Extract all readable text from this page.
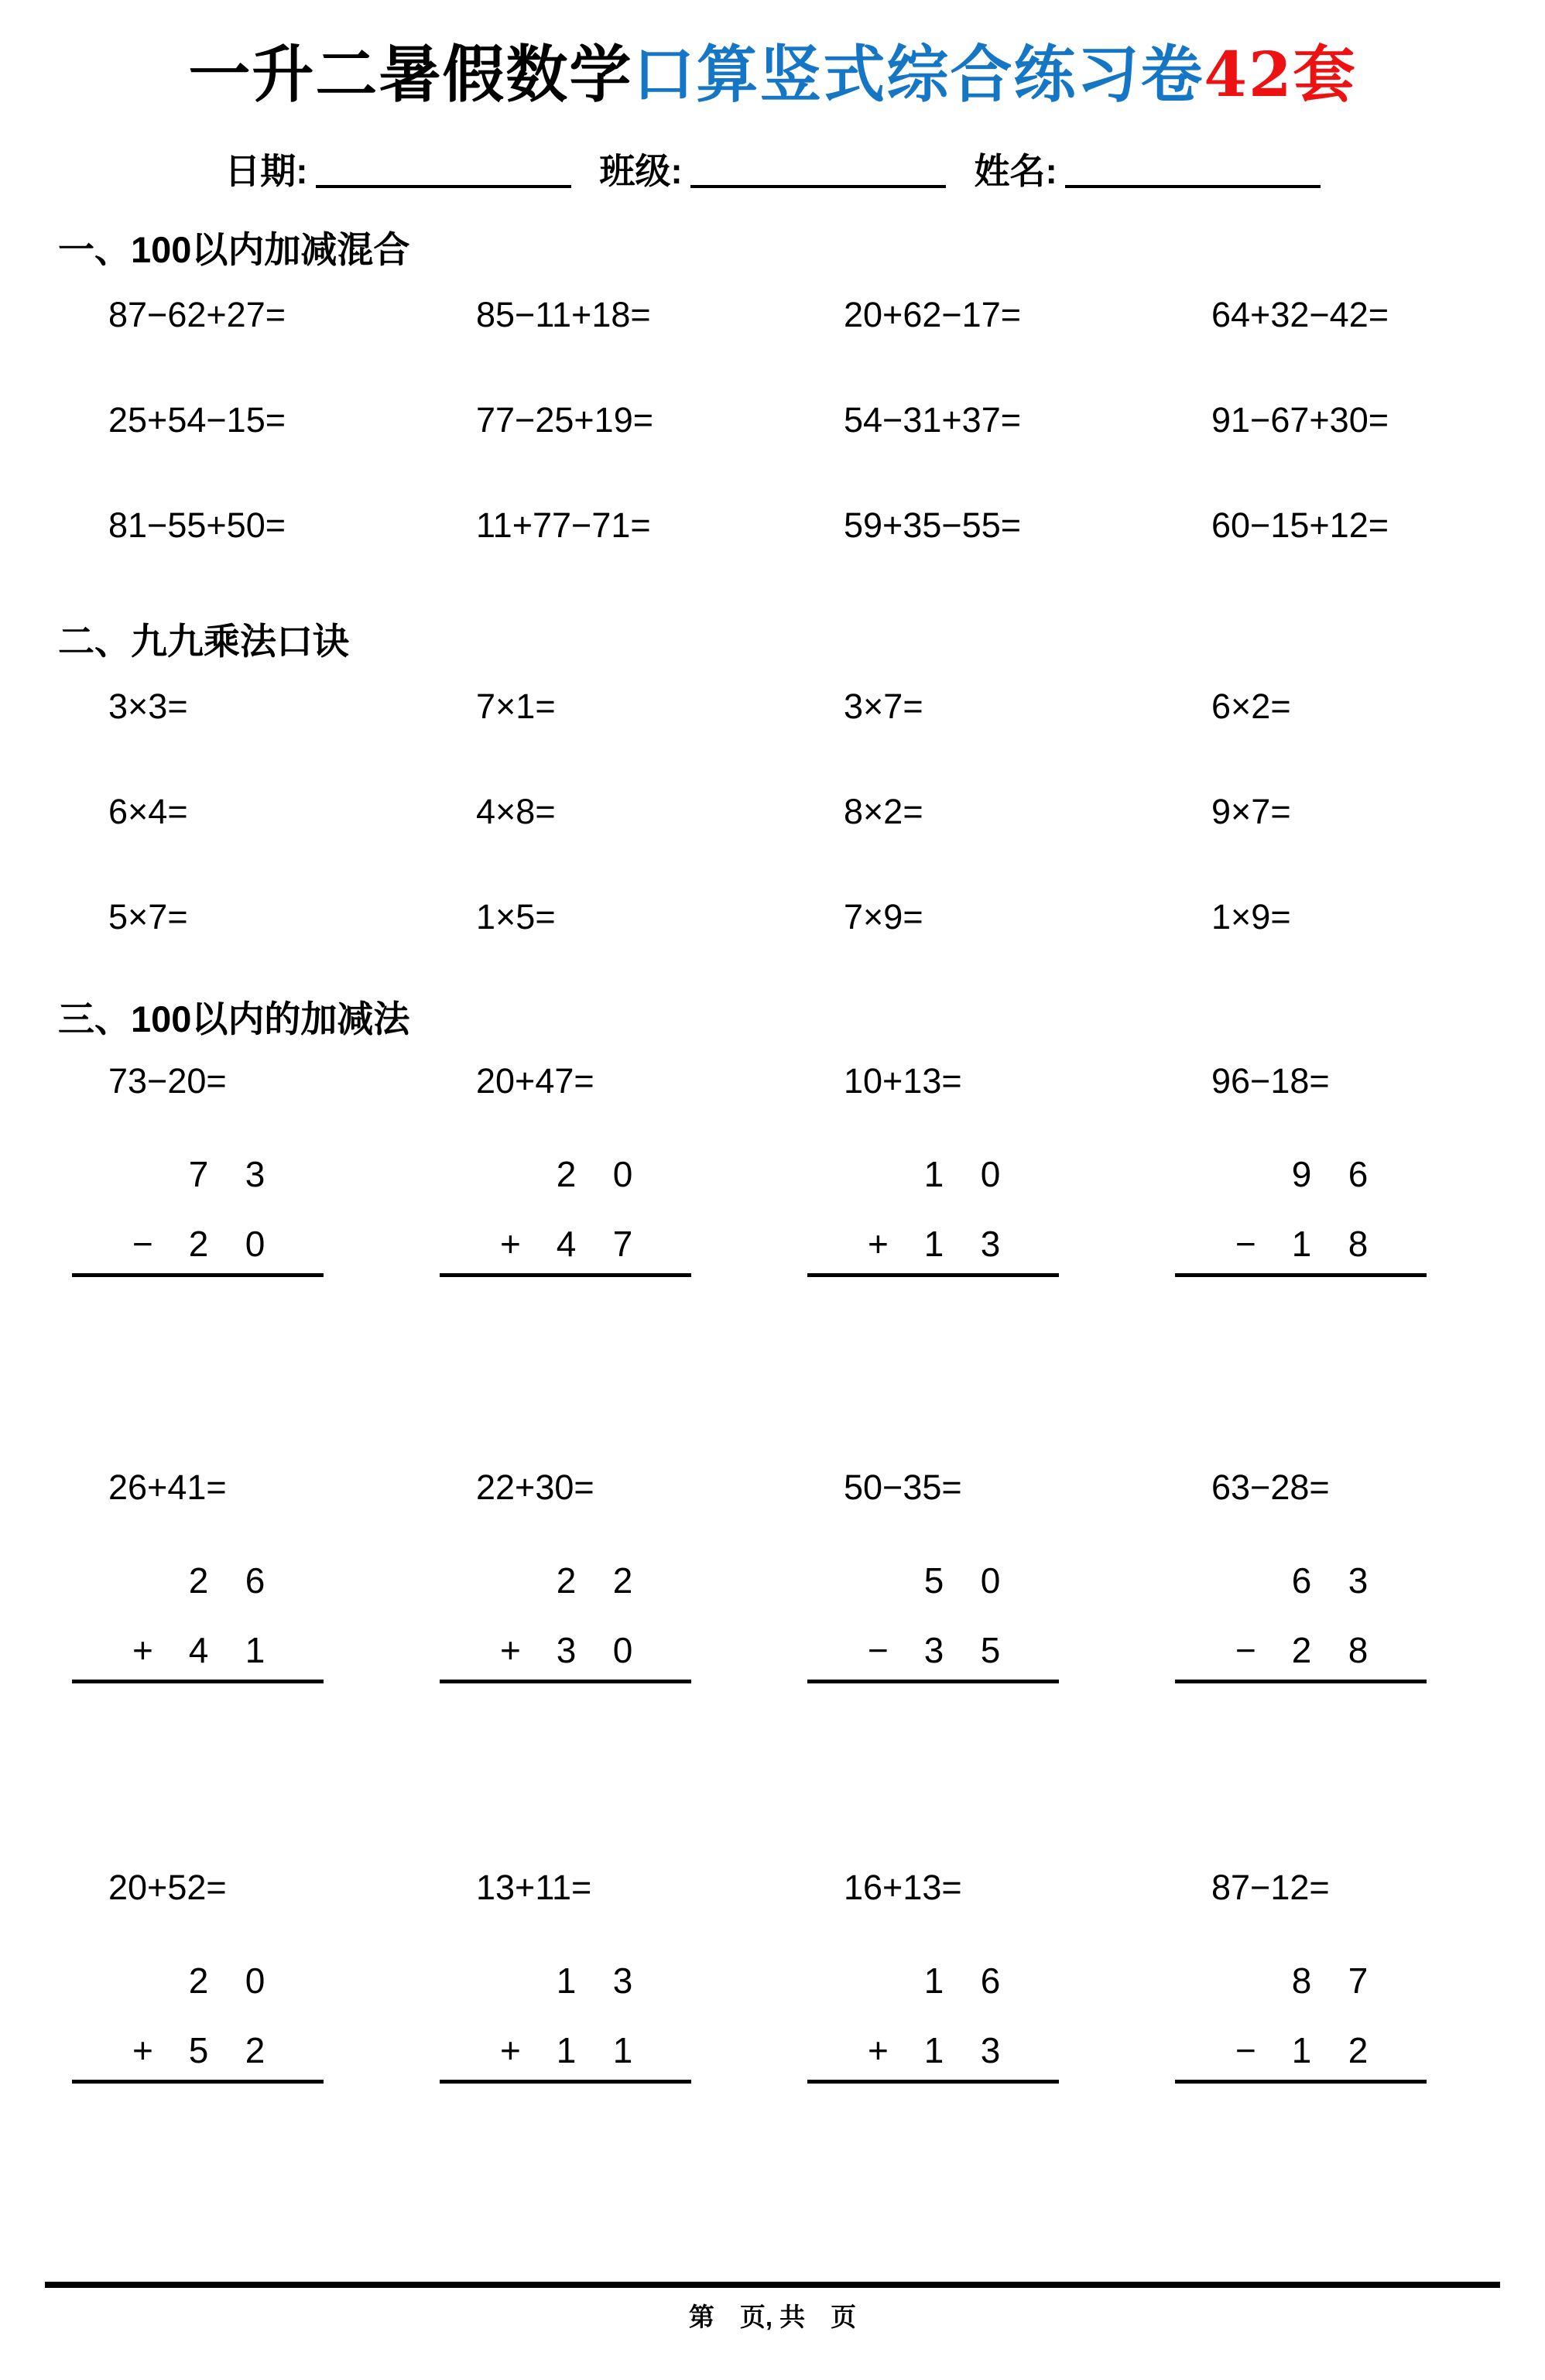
一升二暑假数学口算竖式综合练习卷42套
日期:	班级:	姓名:
一、100以内加减混合
87−62+27=	85−11+18=	20+62−17=	64+32−42=
25+54−15=	77−25+19=	54−31+37=	91−67+30=
81−55+50=	11+77−71=	59+35−55=	60−15+12=
二、九九乘法口诀
3×3=	7×1=	3×7=	6×2=
6×4=	4×8=	8×2=	9×7=
5×7=	1×5=	7×9=	1×9=
三、100以内的加减法
73−20=	20+47=	10+13=	96−18=
7	3
− 2	0
2	0
+ 4	7
1	0
+ 1	3
9	6
− 1	8
26+41=	22+30=	50−35=	63−28=
2	6
+ 4	1
2	2
+ 3	0
5	0
− 3	5
6	3
− 2	8
20+52=	13+11=	16+13=	87−12=
2	0
+ 5	2
1	3
+ 1	1
1	6
+ 1	3
8	7
− 1	2
第　页, 共　页
